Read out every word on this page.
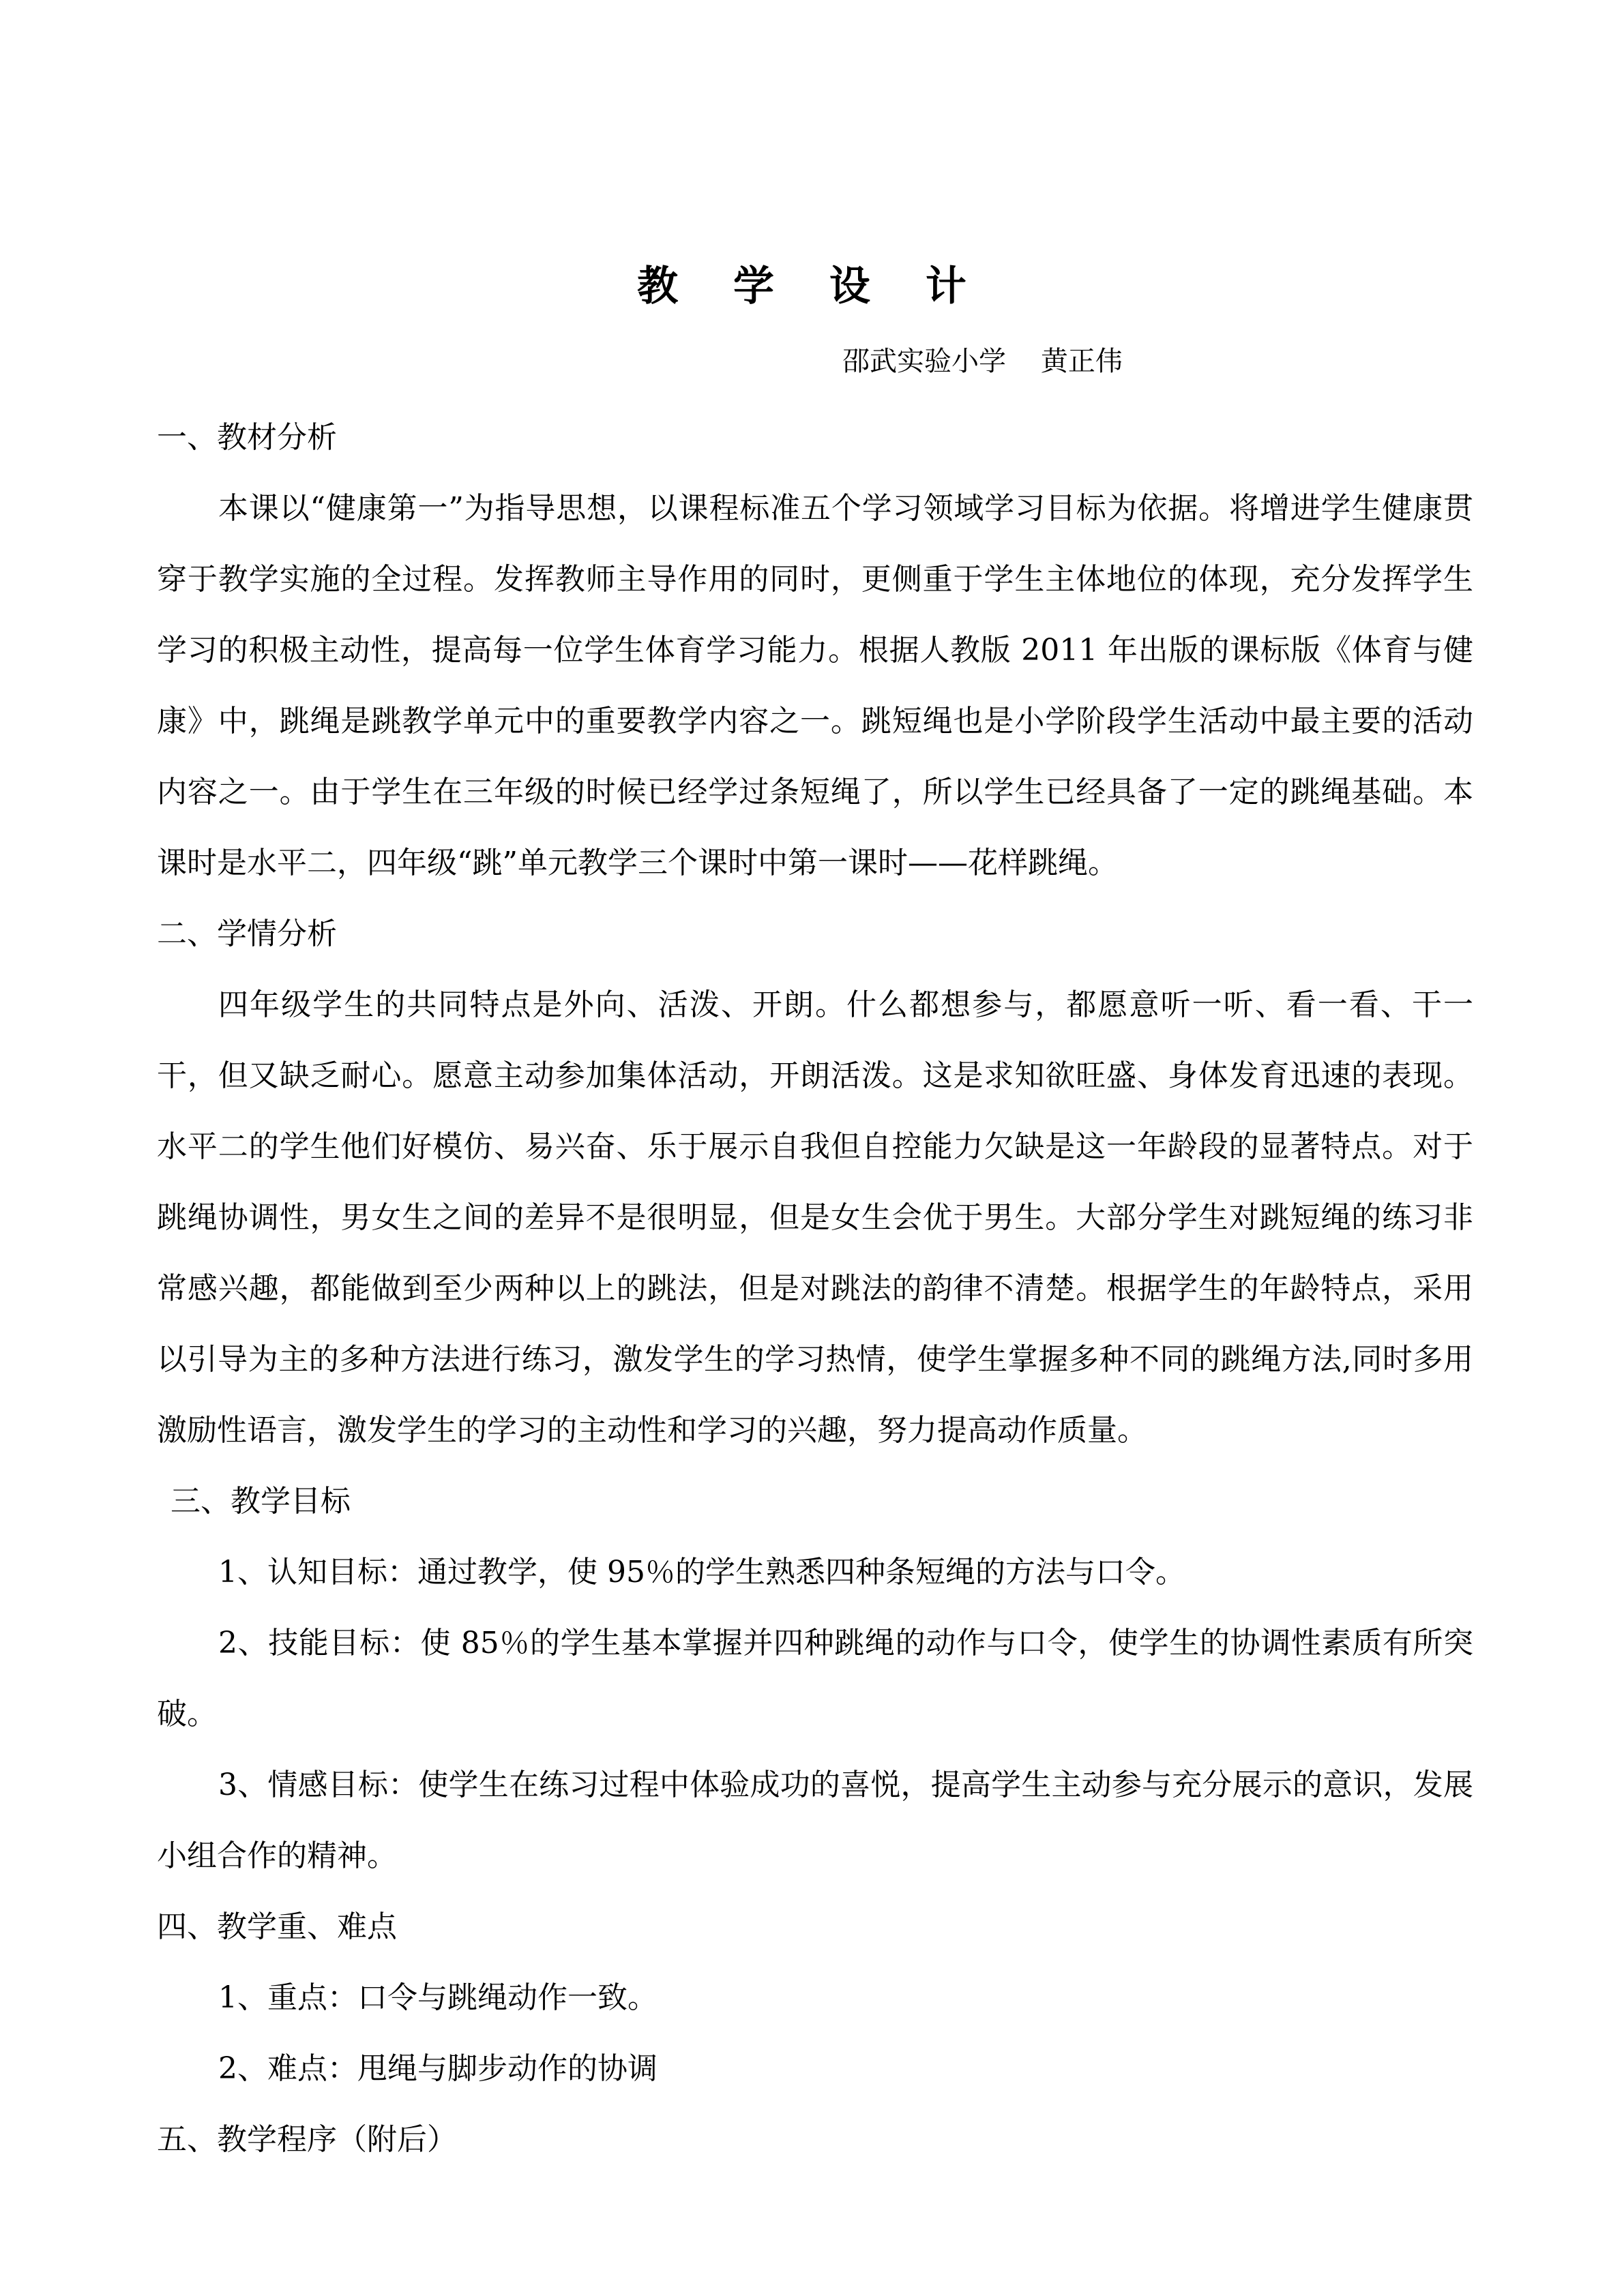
教 学 设 计
邵武实验小学    黄正伟
一、教材分析

本课以“健康第一”为指导思想，以课程标准五个学习领域学习目标为依据。将增进学生健康贯穿于教学实施的全过程。发挥教师主导作用的同时，更侧重于学生主体地位的体现，充分发挥学生学习的积极主动性，提高每一位学生体育学习能力。根据人教版 2011 年出版的课标版《体育与健康》中，跳绳是跳教学单元中的重要教学内容之一。跳短绳也是小学阶段学生活动中最主要的活动内容之一。由于学生在三年级的时候已经学过条短绳了，所以学生已经具备了一定的跳绳基础。本课时是水平二，四年级“跳”单元教学三个课时中第一课时——花样跳绳。

二、学情分析

四年级学生的共同特点是外向、活泼、开朗。什么都想参与，都愿意听一听、看一看、干一干，但又缺乏耐心。愿意主动参加集体活动，开朗活泼。这是求知欲旺盛、身体发育迅速的表现。水平二的学生他们好模仿、易兴奋、乐于展示自我但自控能力欠缺是这一年龄段的显著特点。对于跳绳协调性，男女生之间的差异不是很明显，但是女生会优于男生。大部分学生对跳短绳的练习非常感兴趣，都能做到至少两种以上的跳法，但是对跳法的韵律不清楚。根据学生的年龄特点，采用以引导为主的多种方法进行练习，激发学生的学习热情，使学生掌握多种不同的跳绳方法,同时多用激励性语言，激发学生的学习的主动性和学习的兴趣，努力提高动作质量。

三、教学目标

1、认知目标：通过教学，使 95％的学生熟悉四种条短绳的方法与口令。

2、技能目标：使 85％的学生基本掌握并四种跳绳的动作与口令，使学生的协调性素质有所突破。

3、情感目标：使学生在练习过程中体验成功的喜悦，提高学生主动参与充分展示的意识，发展小组合作的精神。

四、教学重、难点

1、重点：口令与跳绳动作一致。

2、难点：甩绳与脚步动作的协调

五、教学程序（附后）
